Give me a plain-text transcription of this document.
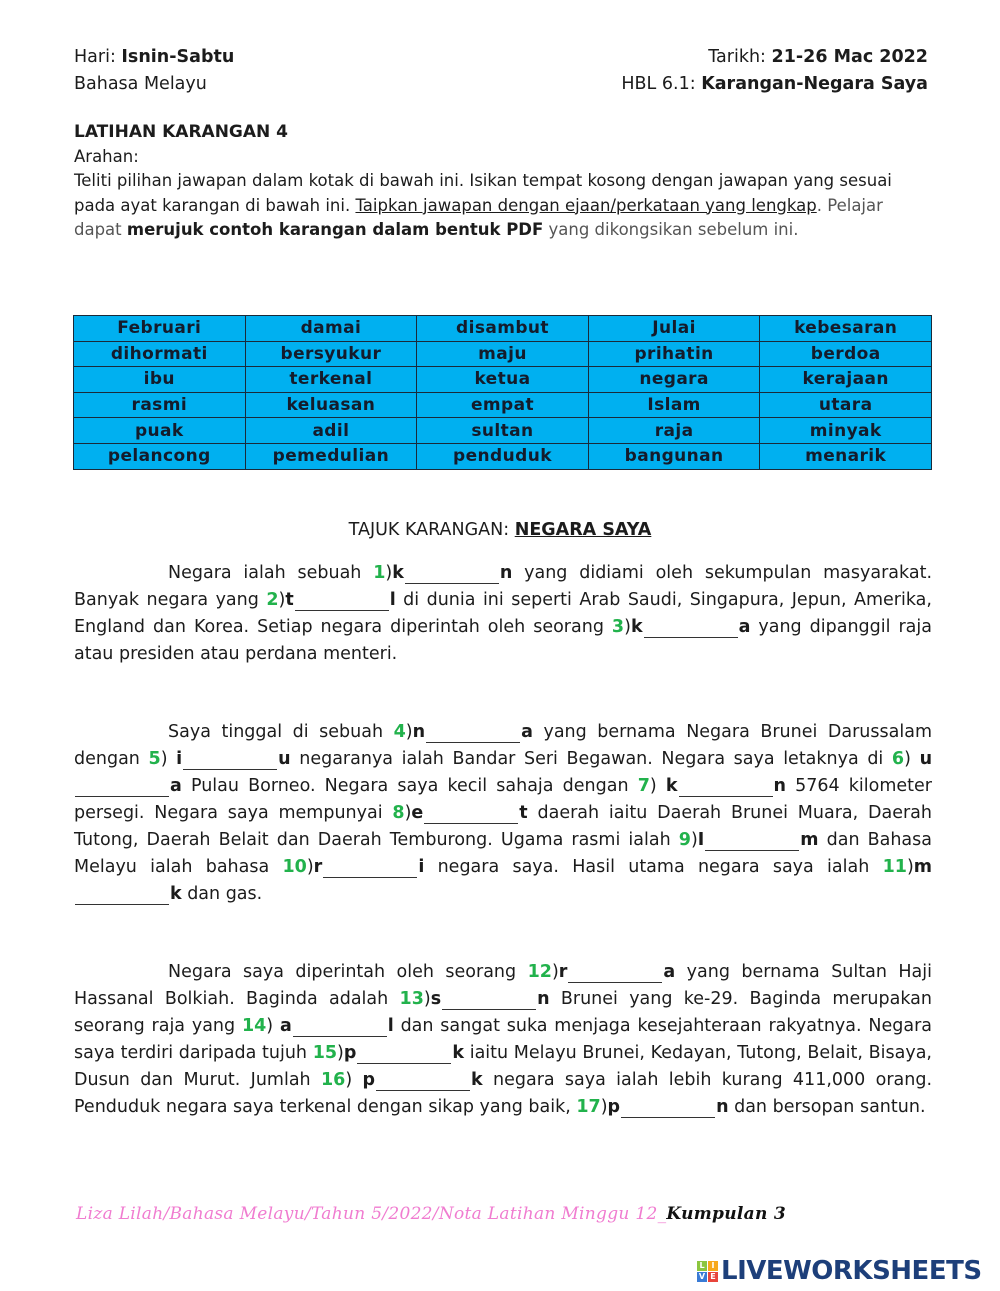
Hari: Isnin-Sabtu	Tarikh: 21-26 Mac 2022
Bahasa Melayu	HBL 6.1: Karangan-Negara Saya
LATIHAN KARANGAN 4
Arahan:
Teliti pilihan jawapan dalam kotak di bawah ini. Isikan tempat kosong dengan jawapan yang sesuai pada ayat karangan di bawah ini. Taipkan jawapan dengan ejaan/perkataan yang lengkap. Pelajar dapat merujuk contoh karangan dalam bentuk PDF yang dikongsikan sebelum ini.
Februari	damai	disambut	Julai	kebesaran
dihormati	bersyukur	maju	prihatin	berdoa
ibu	terkenal	ketua	negara	kerajaan
rasmi	keluasan	empat	Islam	utara
puak	adil	sultan	raja	minyak
pelancong	pemedulian	penduduk	bangunan	menarik
TAJUK KARANGAN: NEGARA SAYA
Negara ialah sebuah 1)k	n yang didiami oleh sekumpulan masyarakat. Banyak negara yang 2)t	l di dunia ini seperti Arab Saudi, Singapura, Jepun, Amerika, England dan Korea. Setiap negara diperintah oleh seorang 3)k	a yang dipanggil raja atau presiden atau perdana menteri.
Saya tinggal di sebuah 4)n	a yang bernama Negara Brunei Darussalam dengan 5) i	u negaranya ialah Bandar Seri Begawan. Negara saya letaknya di 6) ua Pulau Borneo. Negara saya kecil sahaja dengan 7) k	n 5764 kilometer persegi. Negara saya mempunyai 8)e	t daerah iaitu Daerah Brunei Muara, Daerah Tutong, Daerah Belait dan Daerah Temburong. Ugama rasmi ialah 9)I	m dan Bahasa Melayu ialah bahasa 10)r	i negara saya. Hasil utama negara saya ialah 11)mk dan gas.
Negara saya diperintah oleh seorang 12)r	a yang bernama Sultan Haji Hassanal Bolkiah. Baginda adalah 13)s	n Brunei yang ke-29. Baginda merupakan seorang raja yang 14) a	l dan sangat suka menjaga kesejahteraan rakyatnya. Negara saya terdiri daripada tujuh 15)p	k iaitu Melayu Brunei, Kedayan, Tutong, Belait, Bisaya, Dusun dan Murut. Jumlah 16) p	k negara saya ialah lebih kurang 411,000 orang. Penduduk negara saya terkenal dengan sikap yang baik, 17)p	n dan bersopan santun.
Liza Lilah/Bahasa Melayu/Tahun 5/2022/Nota Latihan Minggu 12_Kumpulan 3
L I
V E LIVEWORKSHEETS
